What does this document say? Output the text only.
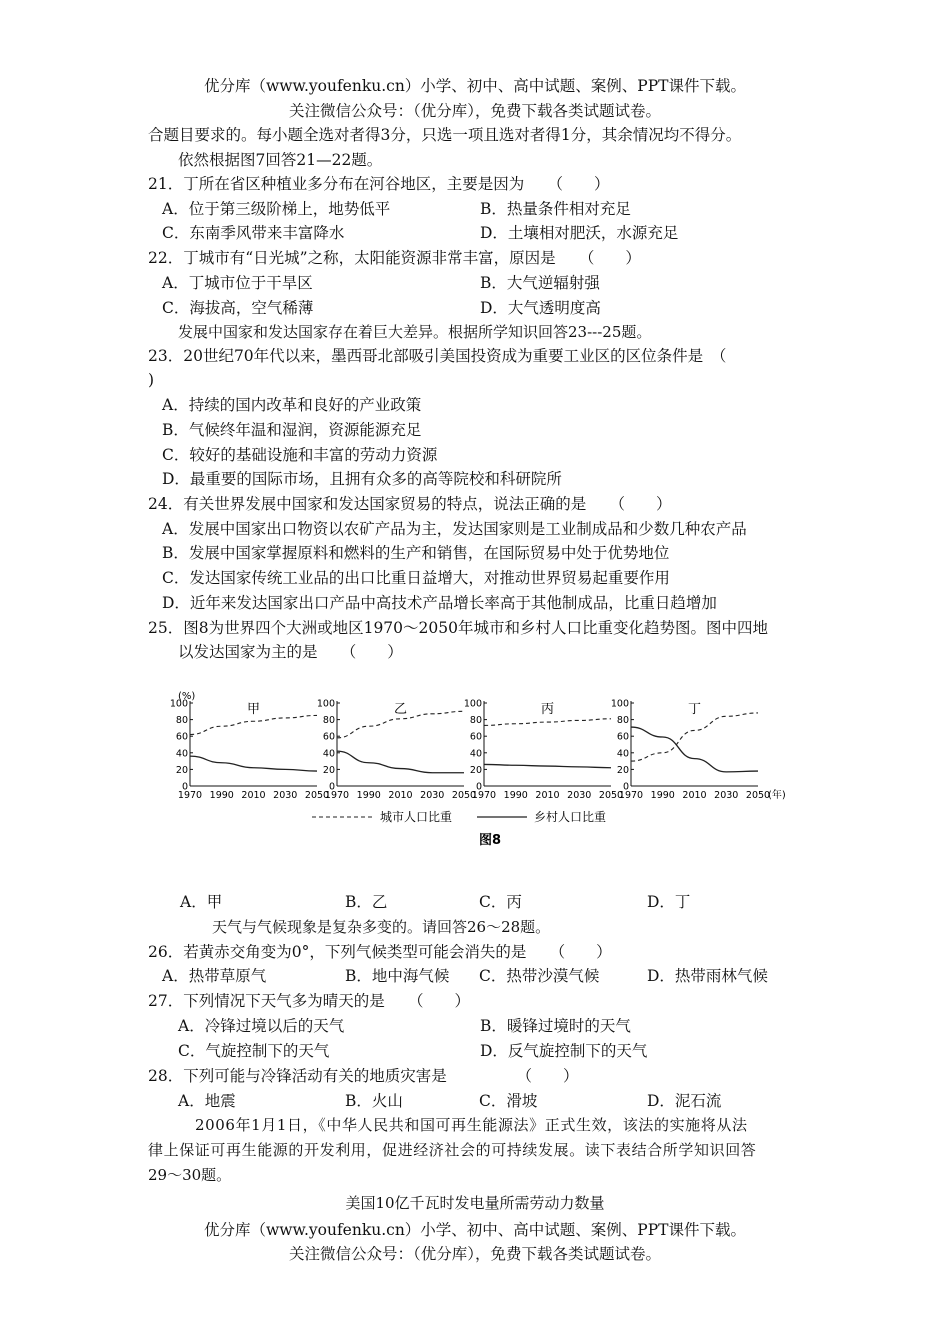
优分库（www.youfenku.cn）小学、初中、高中试题、案例、PPT课件下载。
关注微信公众号：（优分库），免费下载各类试题试卷。
合题目要求的。每小题全选对者得3分，只选一项且选对者得1分，其余情况均不得分。
依然根据图7回答21—22题。
21．丁所在省区种植业多分布在河谷地区，主要是因为　　（　　）
A．位于第三级阶梯上，地势低平	B．热量条件相对充足
C．东南季风带来丰富降水	D．土壤相对肥沃，水源充足
22．丁城市有“日光城”之称，太阳能资源非常丰富，原因是　　（　　）
A．丁城市位于干旱区	B．大气逆辐射强
C．海拔高，空气稀薄	D．大气透明度高
发展中国家和发达国家存在着巨大差异。根据所学知识回答23---25题。
23．20世纪70年代以来，墨西哥北部吸引美国投资成为重要工业区的区位条件是　（
)
A．持续的国内改革和良好的产业政策
B．气候终年温和湿润，资源能源充足
C．较好的基础设施和丰富的劳动力资源
D．最重要的国际市场，且拥有众多的高等院校和科研院所
24．有关世界发展中国家和发达国家贸易的特点，说法正确的是　　（　　）
A．发展中国家出口物资以农矿产品为主，发达国家则是工业制成品和少数几种农产品
B．发展中国家掌握原料和燃料的生产和销售，在国际贸易中处于优势地位
C．发达国家传统工业品的出口比重日益增大，对推动世界贸易起重要作用
D．近年来发达国家出口产品中高技术产品增长率高于其他制成品，比重日趋增加
25．图8为世界四个大洲或地区1970～2050年城市和乡村人口比重变化趋势图。图中四地
以发达国家为主的是　　（　　）
(%)
0
20
40
60
80
100
1970 1990 2010 2030 2050
甲
0
20
40
60
80
100
1970 1990 2010 2030 2050
乙
0
20
40
60
80
100
1970 1990 2010 2030 2050
丙
0
20
40
60
80
100
1970 1990 2010 2030 2050
丁
(年)
城市人口比重	乡村人口比重
图8
A．甲	B．乙	C．丙	D．丁
天气与气候现象是复杂多变的。请回答26～28题。
26．若黄赤交角变为0°，下列气候类型可能会消失的是　　（　　）
A．热带草原气	B．地中海气候 C．热带沙漠气候	D．热带雨林气候
27．下列情况下天气多为晴天的是　　（　　）
A．冷锋过境以后的天气	B．暖锋过境时的天气
C．气旋控制下的天气	D．反气旋控制下的天气
28．下列可能与冷锋活动有关的地质灾害是　　　　　（　　）
A．地震	B．火山	C．滑坡	D．泥石流
2006年1月1日，《中华人民共和国可再生能源法》正式生效，该法的实施将从法
律上保证可再生能源的开发利用，促进经济社会的可持续发展。读下表结合所学知识回答
29～30题。
美国10亿千瓦时发电量所需劳动力数量
优分库（www.youfenku.cn）小学、初中、高中试题、案例、PPT课件下载。
关注微信公众号：（优分库），免费下载各类试题试卷。
